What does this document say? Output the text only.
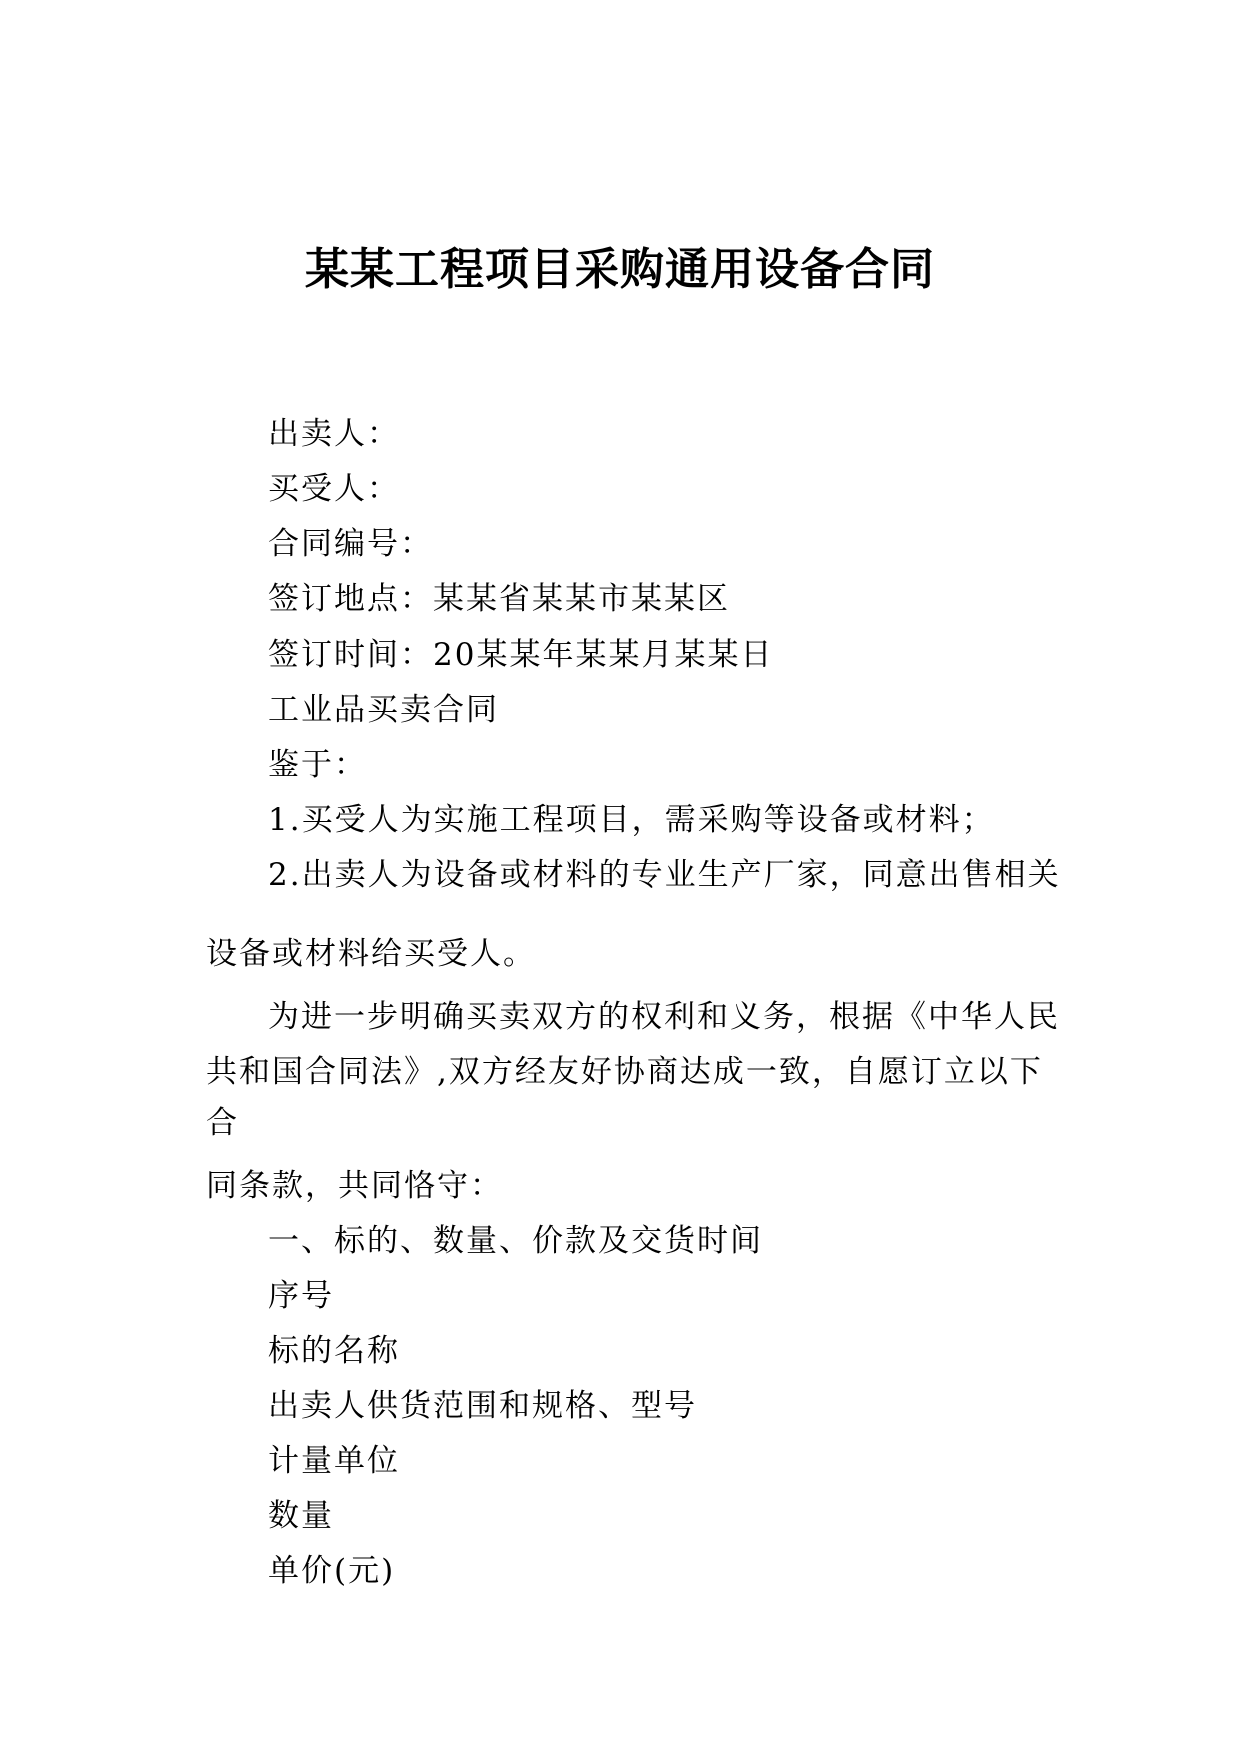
某某工程项目采购通用设备合同

出卖人：

买受人：

合同编号：

签订地点：某某省某某市某某区

签订时间：20某某年某某月某某日

工业品买卖合同

鉴于：

1.买受人为实施工程项目，需采购等设备或材料；

2.出卖人为设备或材料的专业生产厂家，同意出售相关

设备或材料给买受人。

为进一步明确买卖双方的权利和义务，根据《中华人民

共和国合同法》,双方经友好协商达成一致，自愿订立以下

合

同条款，共同恪守：

一、标的、数量、价款及交货时间

序号

标的名称

出卖人供货范围和规格、型号

计量单位

数量

单价(元)
